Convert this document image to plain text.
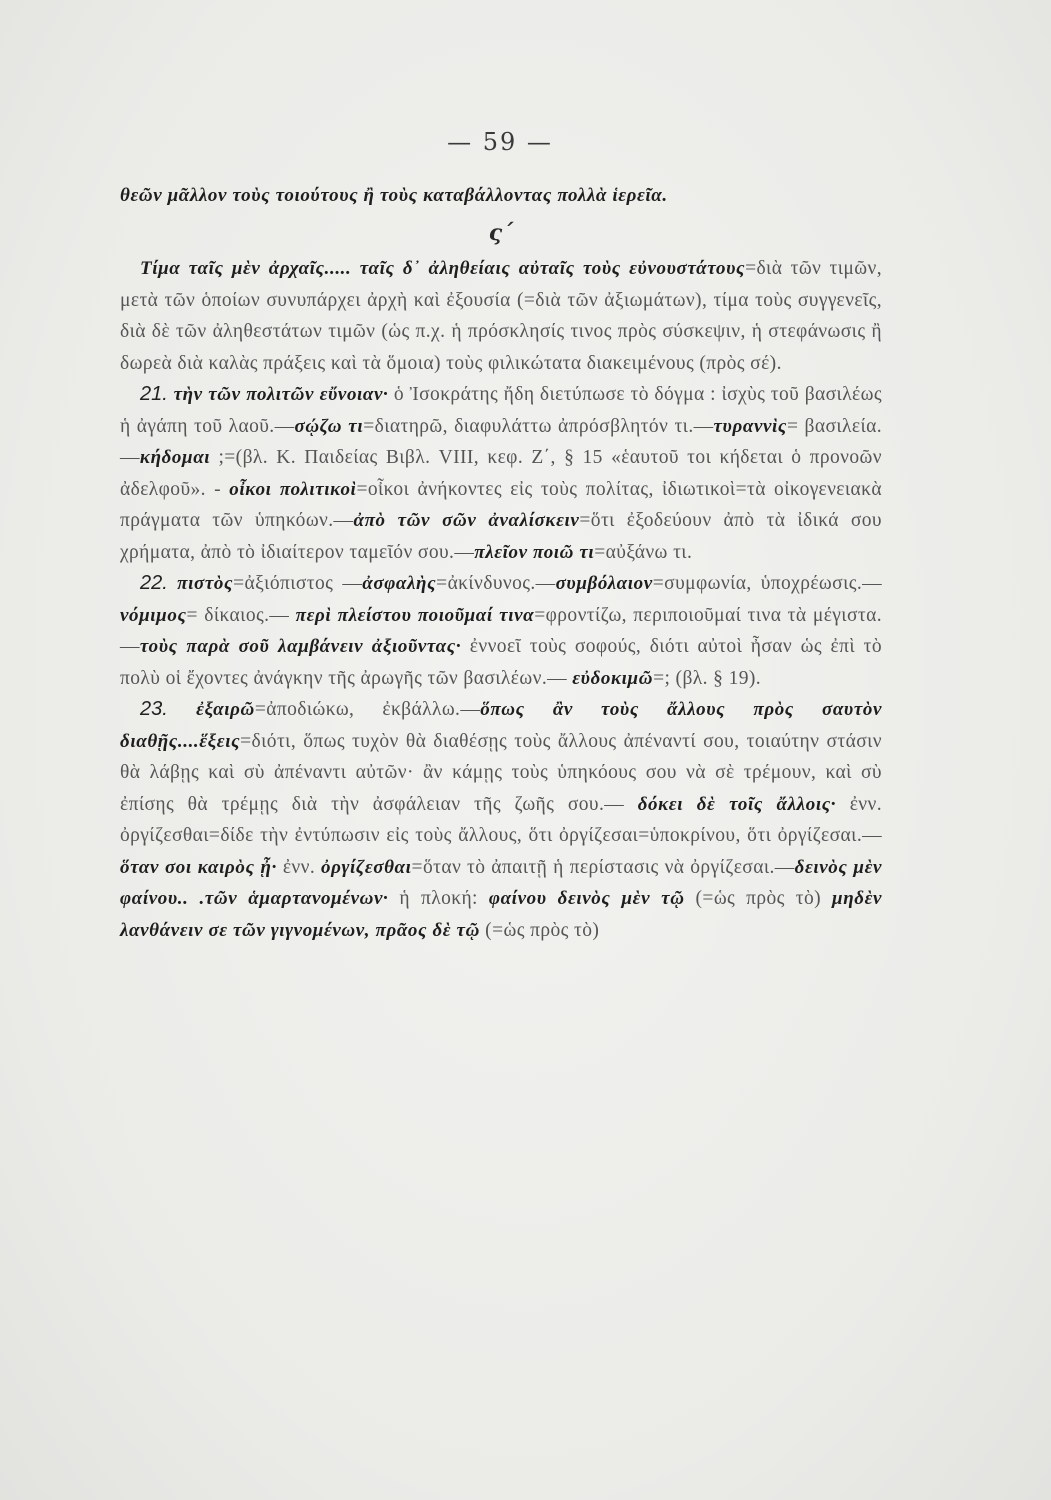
— 59 —

θεῶν μᾶλλον τοὺς τοιούτους ἢ τοὺς καταβάλλοντας πολλὰ ἱερεῖα.

ς΄

Τίμα ταῖς μὲν ἀρχαῖς..... ταῖς δ᾽ ἀληθείαις αὐταῖς τοὺς εὐνουστάτους=διὰ τῶν τιμῶν, μετὰ τῶν ὁποίων συνυπάρχει ἀρχὴ καὶ ἐξουσία (=διὰ τῶν ἀξιωμάτων), τίμα τοὺς συγγενεῖς, διὰ δὲ τῶν ἀληθεστάτων τιμῶν (ὡς π.χ. ἡ πρόσκλησίς τινος πρὸς σύσκεψιν, ἡ στεφάνωσις ἢ δωρεὰ διὰ καλὰς πράξεις καὶ τὰ ὅμοια) τοὺς φιλικώτατα διακειμένους (πρὸς σέ).

21. τὴν τῶν πολιτῶν εὔνοιαν· ὁ Ἰσοκράτης ἤδη διετύπωσε τὸ δόγμα : ἰσχὺς τοῦ βασιλέως ἡ ἀγάπη τοῦ λαοῦ.—σῴζω τι=διατηρῶ, διαφυλάττω ἀπρόσβλητόν τι.—τυραννὶς= βασιλεία.—κήδομαι ;=(βλ. Κ. Παιδείας Βιβλ. VIII, κεφ. Ζ΄, § 15 «ἑαυτοῦ τοι κήδεται ὁ προνοῶν ἀδελφοῦ». - οἶκοι πολιτικοὶ=οἶκοι ἀνήκοντες εἰς τοὺς πολίτας, ἰδιωτικοὶ=τὰ οἰκογενειακὰ πράγματα τῶν ὑπηκόων.—ἀπὸ τῶν σῶν ἀναλίσκειν=ὅτι ἐξοδεύουν ἀπὸ τὰ ἰδικά σου χρήματα, ἀπὸ τὸ ἰδιαίτερον ταμεῖόν σου.—πλεῖον ποιῶ τι=αὐξάνω τι.

22. πιστὸς=ἀξιόπιστος —ἀσφαλὴς=ἀκίνδυνος.—συμβόλαιον=συμφωνία, ὑποχρέωσις.— νόμιμος= δίκαιος.— περὶ πλείστου ποιοῦμαί τινα=φροντίζω, περιποιοῦμαί τινα τὰ μέγιστα.—τοὺς παρὰ σοῦ λαμβάνειν ἀξιοῦντας· ἐννοεῖ τοὺς σοφούς, διότι αὐτοὶ ἦσαν ὡς ἐπὶ τὸ πολὺ οἱ ἔχοντες ἀνάγκην τῆς ἀρωγῆς τῶν βασιλέων.— εὐδοκιμῶ=; (βλ. § 19).

23. ἐξαιρῶ=ἀποδιώκω, ἐκβάλλω.—ὅπως ἂν τοὺς ἄλλους πρὸς σαυτὸν διαθῇς....ἕξεις=διότι, ὅπως τυχὸν θὰ διαθέσῃς τοὺς ἄλλους ἀπέναντί σου, τοιαύτην στάσιν θὰ λάβῃς καὶ σὺ ἀπέναντι αὐτῶν· ἂν κάμῃς τοὺς ὑπηκόους σου νὰ σὲ τρέμουν, καὶ σὺ ἐπίσης θὰ τρέμῃς διὰ τὴν ἀσφάλειαν τῆς ζωῆς σου.— δόκει δὲ τοῖς ἄλλοις· ἐνν. ὀργίζεσθαι=δίδε τὴν ἐντύπωσιν εἰς τοὺς ἄλλους, ὅτι ὀργίζεσαι=ὑποκρίνου, ὅτι ὀργίζεσαι.—ὅταν σοι καιρὸς ᾖ· ἐνν. ὀργίζεσθαι=ὅταν τὸ ἀπαιτῇ ἡ περίστασις νὰ ὀργίζεσαι.—δεινὸς μὲν φαίνου.. .τῶν ἁμαρτανομένων· ἡ πλοκή: φαίνου δεινὸς μὲν τῷ (=ὡς πρὸς τὸ) μηδὲν λανθάνειν σε τῶν γιγνομένων, πρᾶος δὲ τῷ (=ὡς πρὸς τὸ)
